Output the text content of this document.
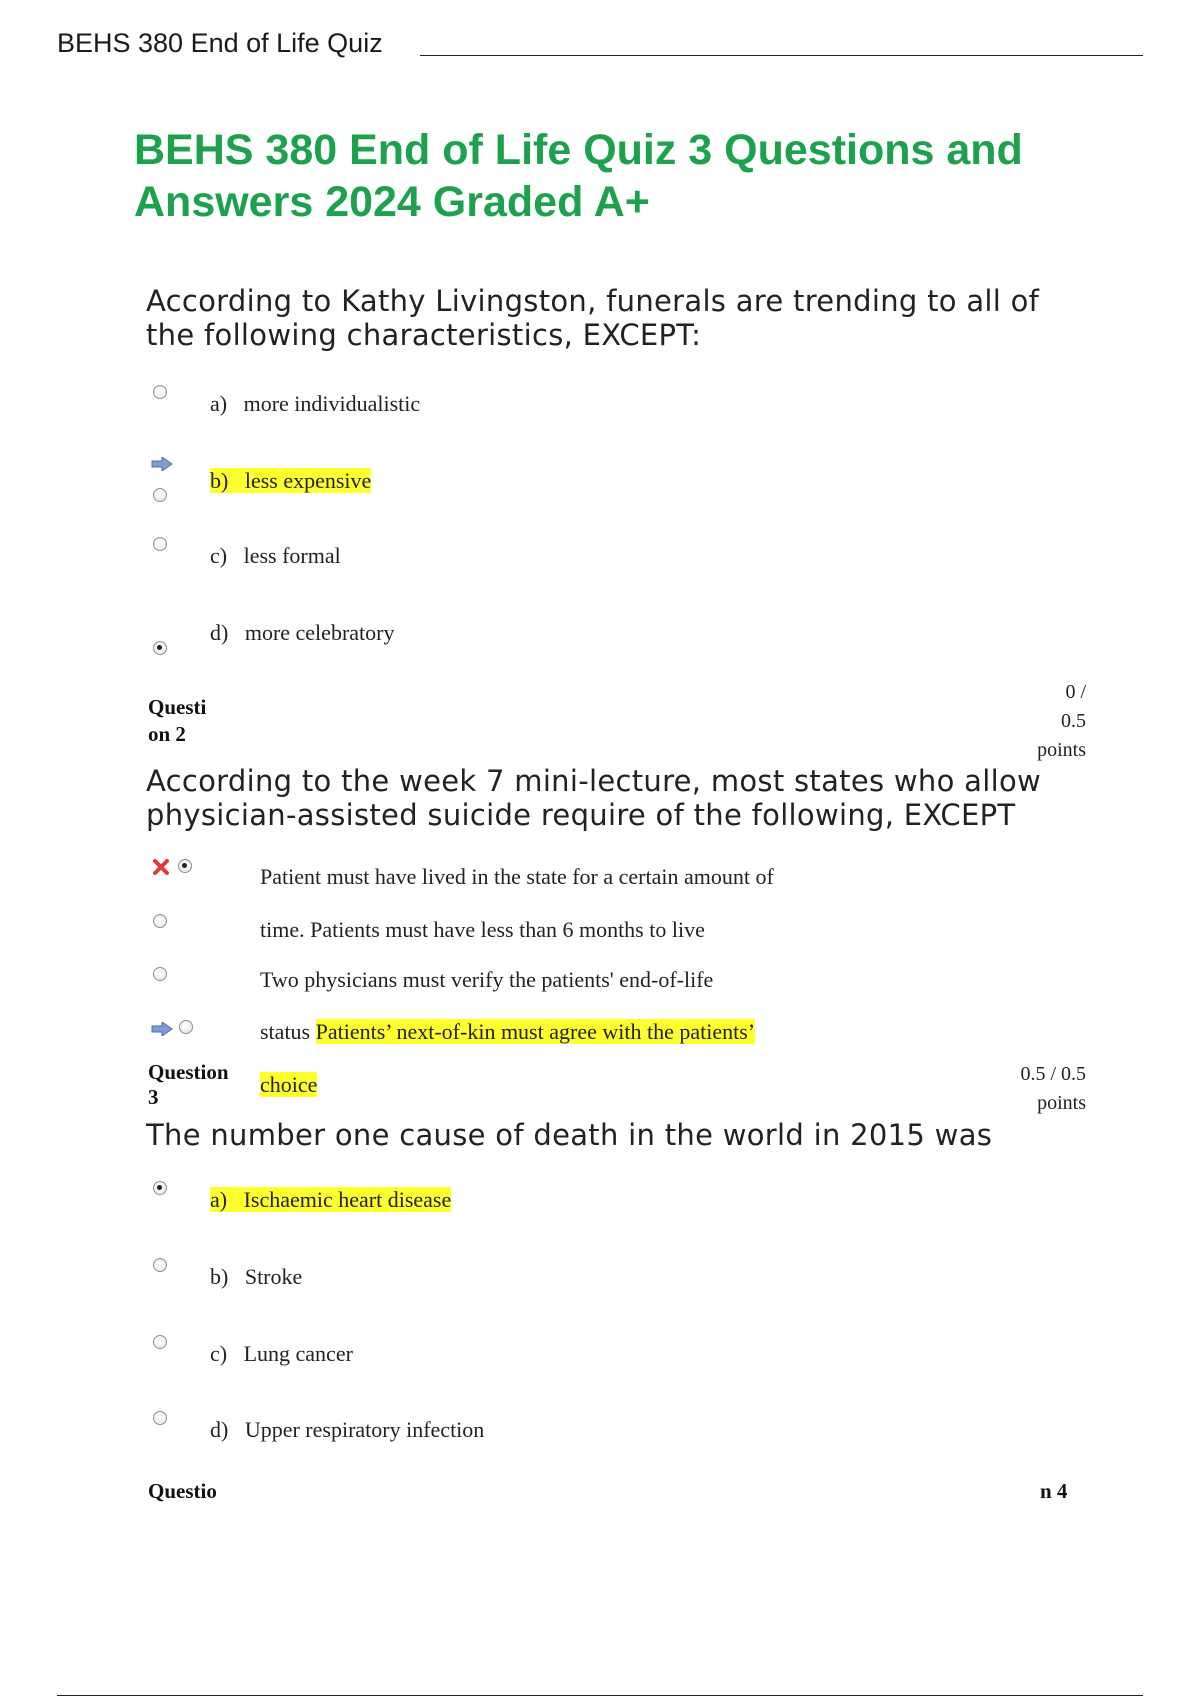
BEHS 380 End of Life Quiz
BEHS 380 End of Life Quiz 3 Questions and Answers 2024 Graded A+
According to Kathy Livingston, funerals are trending to all of the following characteristics, EXCEPT:
a) more individualistic
b) less expensive
c) less formal
d) more celebratory
Questi
on 2
0 /
0.5
points
According to the week 7 mini-lecture, most states who allow physician-assisted suicide require of the following, EXCEPT
Patient must have lived in the state for a certain amount of
time. Patients must have less than 6 months to live
Two physicians must verify the patients' end-of-life
status Patients’ next-of-kin must agree with the patients’
Question
3	choice	0.5 / 0.5
points
The number one cause of death in the world in 2015 was
a) Ischaemic heart disease
b) Stroke
c) Lung cancer
d) Upper respiratory infection
Questio	n 4
